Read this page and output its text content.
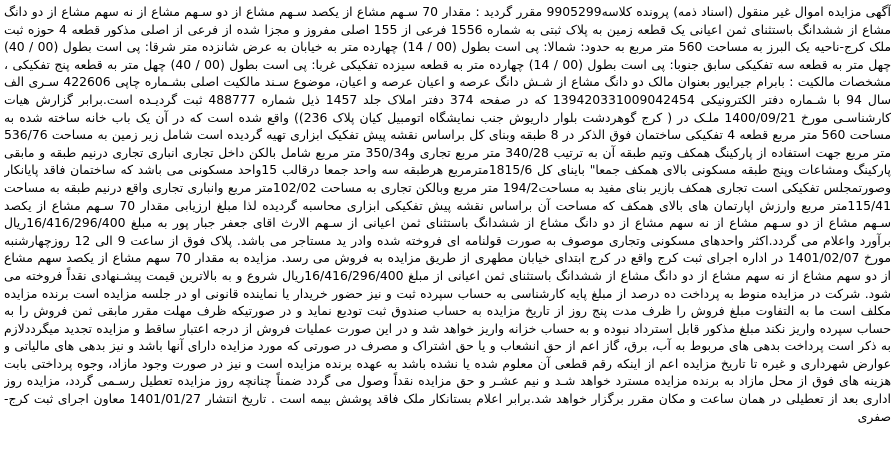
آگهی مزایده اموال غیر منقول (اسناد ذمه) پرونده کلاسه9905299 مقرر گردید : مقدار 70 سـهم مشاع از یکصد سـهم مشاع از دو سـهم مشاع از نه سهم مشاع از دو دانگ مشاع از ششدانگ باستثنای ثمن اعیانی یک قطعه زمین به پلاک ثبتی به شماره 1556 فرعی از 155 اصلی مفروز و مجزا شده از فرعی از اصلی مذکور قطعه 4 حوزه ثبت ملک کرج-ناحیه یک البرز به مساحت 560 متر مربع به حدود: شمالا: پی است بطول (00 / 14) چهارده متر به خیابان به عرض شانزده متر شرقا: پی است بطول (00 / 40) چهل متر به قطعه سه تفکیکی سابق جنوبا: پی است بطول (00 / 14) چهارده متر به قطعه سیزده تفکیکی غربا: پی است بطول (00 / 40) چهل متر به قطعه پنج تفکیکی ، مشخصات مالکیت : بابرام جیرایور بعنوان مالک دو دانگ مشاع از شـش دانگ عرصه و اعیان عرصه و اعیان، موضوع سـند مالکیت اصلی بشـماره چاپی 422606 سـری الف سال 94 با شـماره دفتر الکترونیکی 139420331009042454 که در صفحه 374 دفتر املاک جلد 1457 ذیل شماره 488777 ثبت گردیـده است.برابر گزارش هیات کارشناسـی مورخ 1400/09/21 ملـک در ( کرج گوهردشت بلوار داریوش جنب نمایشگاه اتومبیل کیان پلاک 236)) واقع شده است که در آن یک باب خانه ساخته شده به مساحت 560 متر مربع قطعه 4 تفکیکی ساختمان فوق الذکر در 8 طبقه وبنای کل براساس نقشه پیش تفکیک ابزاری تهیه گردیده است شامل زیر زمین به مساحت 536/76 متر مربع جهت استفاده از پارکینگ همکف وتیم طبقه آن به ترتیب 340/28 متر مربع تجاری و350/34 متر مربع شامل بالکن داخل تجاری انباری تجاری درنیم طبقه و مابقی پارکینگ ومشاعات وپنج طبقه مسکونی بالای همکف جمعا" باینای کل 1815/6مترمربع هرطبقه سه واحد جمعا درقالب 15واحد مسکونی می باشد که ساختمان فاقد پایانکار وصورتمجلس تفکیکی است تجاری همکف بازیر بنای مفید به مساحت194/2 متر مربع وبالکن تجاری به مساحت 102/02متر مربع وانباری تجاری واقع درنیم طبقه به مساحت 115/41متر مربع وارزش اپارتمان های بالای همکف که مساحت آن براساس نقشه پیش تفکیکی ابزاری محاسبه گردیده لذا مبلغ ارزیابی مقدار 70 سـهم مشاع از یکصد سـهم مشاع از دو سـهم مشاع از نه سهم مشاع از دو دانگ مشاع از ششدانگ باستثنای ثمن اعیانی از سـهم الارث اقای جعفر جبار پور به مبلغ 16/416/296/400ریال برآورد واعلام می گردد.اکثر واحدهای مسکونی وتجاری موصوف به صورت قولنامه ای فروخته شده وادر ید مستاجر می باشد. پلاک فوق از ساعت 9 الی 12 روزچهارشنبه مورخ 1401/02/07 در اداره اجرای ثبت کرج واقع در کرج ابتدای خیابان مطهری از طریق مزایده به فروش می رسد. مزایده به مقدار 70 سهم مشاع از یکصد سهم مشاع از دو سهم مشاع از نه سهم مشاع از دو دانگ مشاع از ششدانگ باستثنای ثمن اعیانی از مبلغ 16/416/296/400ریال شروع و به بالاترین قیمت پیشـنهادی نقداً فروخته می شود. شرکت در مزایده منوط به پرداخت ده درصد از مبلغ پایه کارشناسی به حساب سپرده ثبت و نیز حضور خریدار یا نماینده قانونی او در جلسه مزایده است برنده مزایده مکلف است ما به التفاوت مبلغ فروش را ظرف مدت پنج روز از تاریخ مزایده به حساب صندوق ثبت تودیع نماید و در صورتیکه ظرف مهلت مقرر مابقی ثمن فروش را به حساب سپرده واریز نکند مبلغ مذکور قابل استرداد نبوده و به حساب خزانه واریز خواهد شد و در این صورت عملیات فروش از درجه اعتبار ساقط و مزایده تجدید میگرددلازم به ذکر است پرداخت بدهی های مربوط به آب، برق، گاز اعم از حق انشعاب و یا حق اشتراک و مصرف در صورتی که مورد مزایده دارای آنها باشد و نیز بدهی های مالیاتی و عوارض شهرداری و غیره تا تاریخ مزایده اعم از اینکه رقم قطعی آن معلوم شده یا نشده باشد به عهده برنده مزایده است و نیز در صورت وجود مازاد، وجوه پرداختی بابت هزینه های فوق از محل مازاد به برنده مزایده مسترد خواهد شـد و نیم عشـر و حق مزایده نقداً وصول می گردد ضمناً چنانچه روز مزایده تعطیل رسـمی گردد، مزایده روز اداری بعد از تعطیلی در همان ساعت و مکان مقرر برگزار خواهد شد.برابر اعلام بستانکار ملک فاقد پوشش بیمه است . تاریخ انتشار 1401/01/27 معاون اجرای ثبت کرج-صفری
